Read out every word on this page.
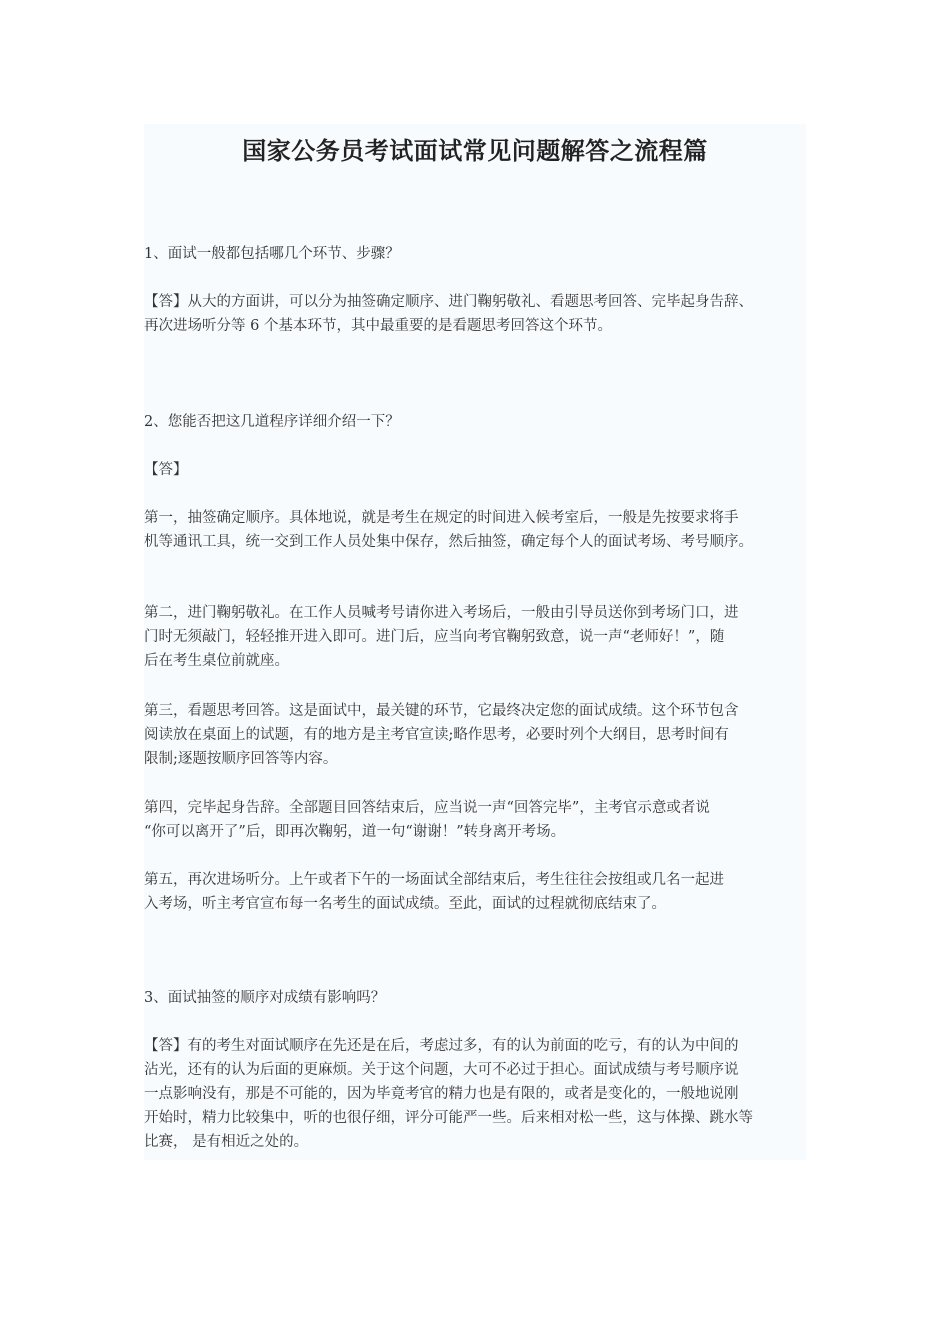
国家公务员考试面试常见问题解答之流程篇

1、面试一般都包括哪几个环节、步骤？

【答】从大的方面讲，可以分为抽签确定顺序、进门鞠躬敬礼、看题思考回答、完毕起身告辞、
再次进场听分等 6 个基本环节，其中最重要的是看题思考回答这个环节。

2、您能否把这几道程序详细介绍一下？

【答】

第一，抽签确定顺序。具体地说，就是考生在规定的时间进入候考室后，一般是先按要求将手
机等通讯工具，统一交到工作人员处集中保存，然后抽签，确定每个人的面试考场、考号顺序。

第二，进门鞠躬敬礼。在工作人员喊考号请你进入考场后，一般由引导员送你到考场门口，进
门时无须敲门，轻轻推开进入即可。进门后，应当向考官鞠躬致意，说一声“老师好！”，随
后在考生桌位前就座。

第三，看题思考回答。这是面试中，最关键的环节，它最终决定您的面试成绩。这个环节包含
阅读放在桌面上的试题，有的地方是主考官宣读;略作思考，必要时列个大纲目，思考时间有
限制;逐题按顺序回答等内容。

第四，完毕起身告辞。全部题目回答结束后，应当说一声“回答完毕”，主考官示意或者说
“你可以离开了”后，即再次鞠躬，道一句“谢谢！”转身离开考场。

第五，再次进场听分。上午或者下午的一场面试全部结束后，考生往往会按组或几名一起进
入考场，听主考官宣布每一名考生的面试成绩。至此，面试的过程就彻底结束了。

3、面试抽签的顺序对成绩有影响吗？

【答】有的考生对面试顺序在先还是在后，考虑过多，有的认为前面的吃亏，有的认为中间的
沾光，还有的认为后面的更麻烦。关于这个问题，大可不必过于担心。面试成绩与考号顺序说
一点影响没有，那是不可能的，因为毕竟考官的精力也是有限的，或者是变化的，一般地说刚
开始时，精力比较集中，听的也很仔细，评分可能严一些。后来相对松一些，这与体操、跳水等
比赛， 是有相近之处的。
